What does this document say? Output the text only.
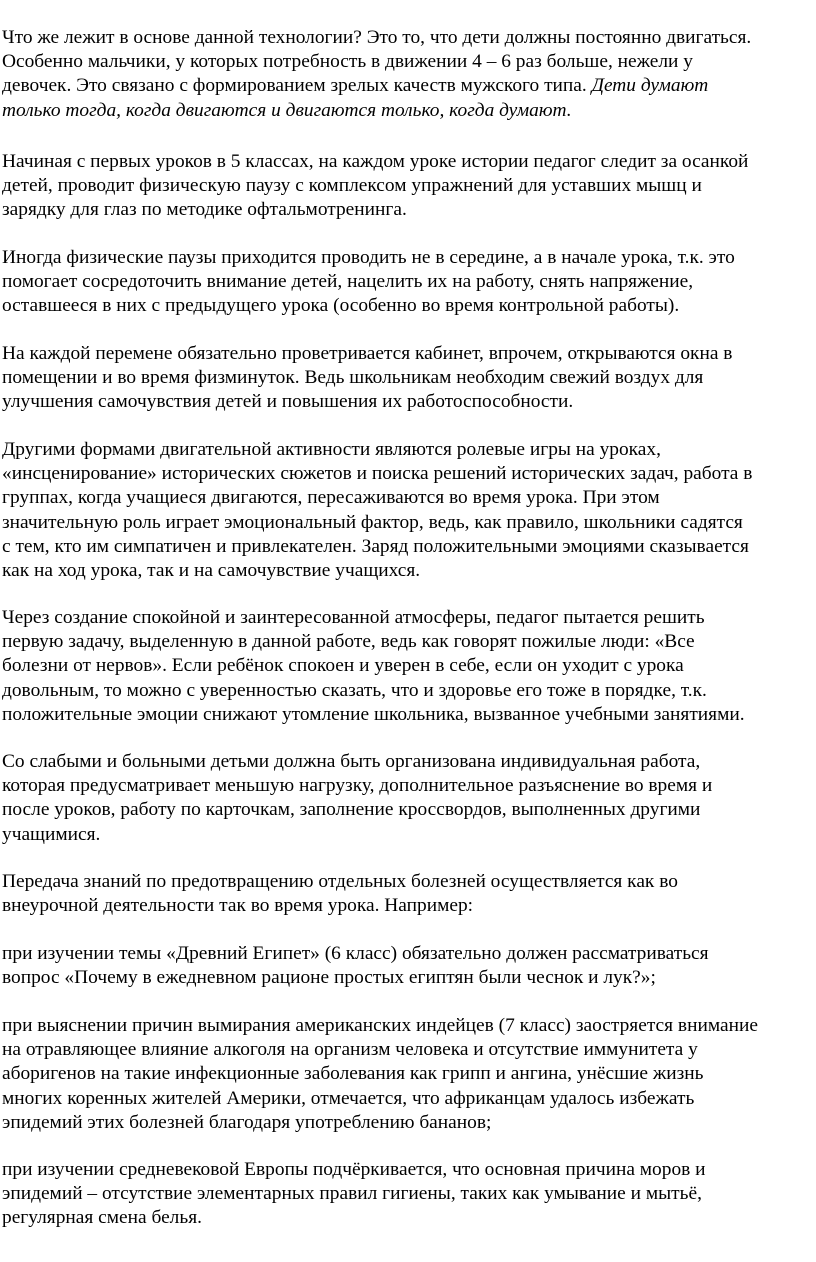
Что же лежит в основе данной технологии? Это то, что дети должны постоянно двигаться.
Особенно мальчики, у которых потребность в движении 4 – 6 раз больше, нежели у
девочек. Это связано с формированием зрелых качеств мужского типа. Дети думают
только тогда, когда двигаются и двигаются только, когда думают.

Начиная с первых уроков в 5 классах, на каждом уроке истории педагог следит за осанкой
детей, проводит физическую паузу с комплексом упражнений для уставших мышц и
зарядку для глаз по методике офтальмотренинга.

Иногда физические паузы приходится проводить не в середине, а в начале урока, т.к. это
помогает сосредоточить внимание детей, нацелить их на работу, снять напряжение,
оставшееся в них с предыдущего урока (особенно во время контрольной работы).

На каждой перемене обязательно проветривается кабинет, впрочем, открываются окна в
помещении и во время физминуток. Ведь школьникам необходим свежий воздух для
улучшения самочувствия детей и повышения их работоспособности.

Другими формами двигательной активности являются ролевые игры на уроках,
«инсценирование» исторических сюжетов и поиска решений исторических задач, работа в
группах, когда учащиеся двигаются, пересаживаются во время урока. При этом
значительную роль играет эмоциональный фактор, ведь, как правило, школьники садятся
с тем, кто им симпатичен и привлекателен. Заряд положительными эмоциями сказывается
как на ход урока, так и на самочувствие учащихся.

Через создание спокойной и заинтересованной атмосферы, педагог пытается решить
первую задачу, выделенную в данной работе, ведь как говорят пожилые люди: «Все
болезни от нервов». Если ребёнок спокоен и уверен в себе, если он уходит с урока
довольным, то можно с уверенностью сказать, что и здоровье его тоже в порядке, т.к.
положительные эмоции снижают утомление школьника, вызванное учебными занятиями.

Со слабыми и больными детьми должна быть организована индивидуальная работа,
которая предусматривает меньшую нагрузку, дополнительное разъяснение во время и
после уроков, работу по карточкам, заполнение кроссвордов, выполненных другими
учащимися.

Передача знаний по предотвращению отдельных болезней осуществляется как во
внеурочной деятельности так во время урока. Например:

при изучении темы «Древний Египет» (6 класс) обязательно должен рассматриваться
вопрос «Почему в ежедневном рационе простых египтян были чеснок и лук?»;

при выяснении причин вымирания американских индейцев (7 класс) заостряется внимание
на отравляющее влияние алкоголя на организм человека и отсутствие иммунитета у
аборигенов на такие инфекционные заболевания как грипп и ангина, унёсшие жизнь
многих коренных жителей Америки, отмечается, что африканцам удалось избежать
эпидемий этих болезней благодаря употреблению бананов;

при изучении средневековой Европы подчёркивается, что основная причина моров и
эпидемий – отсутствие элементарных правил гигиены, таких как умывание и мытьё,
регулярная смена белья.
